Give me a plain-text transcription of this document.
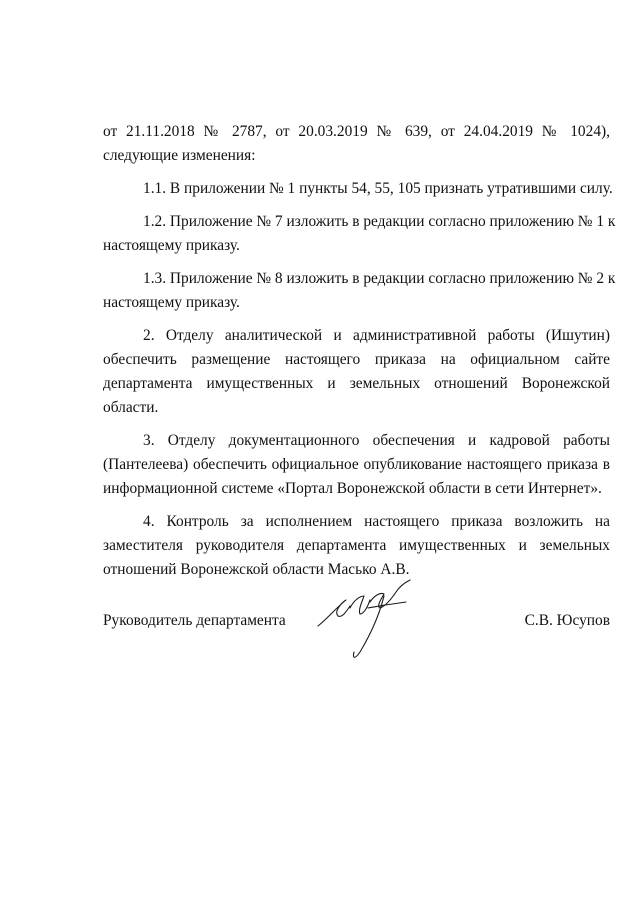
от 21.11.2018 № 2787, от 20.03.2019 № 639, от 24.04.2019 № 1024),
следующие изменения:
1.1. В приложении № 1 пункты 54, 55, 105 признать утратившими силу.
1.2. Приложение № 7 изложить в редакции согласно приложению № 1 к
настоящему приказу.
1.3. Приложение № 8 изложить в редакции согласно приложению № 2 к
настоящему приказу.
2. Отделу аналитической и административной работы (Ишутин)
обеспечить размещение настоящего приказа на официальном сайте
департамента имущественных и земельных отношений Воронежской
области.
3. Отделу документационного обеспечения и кадровой работы
(Пантелеева) обеспечить официальное опубликование настоящего приказа в
информационной системе «Портал Воронежской области в сети Интернет».
4. Контроль за исполнением настоящего приказа возложить на
заместителя руководителя департамента имущественных и земельных
отношений Воронежской области Масько А.В.
Руководитель департамента	С.В. Юсупов
